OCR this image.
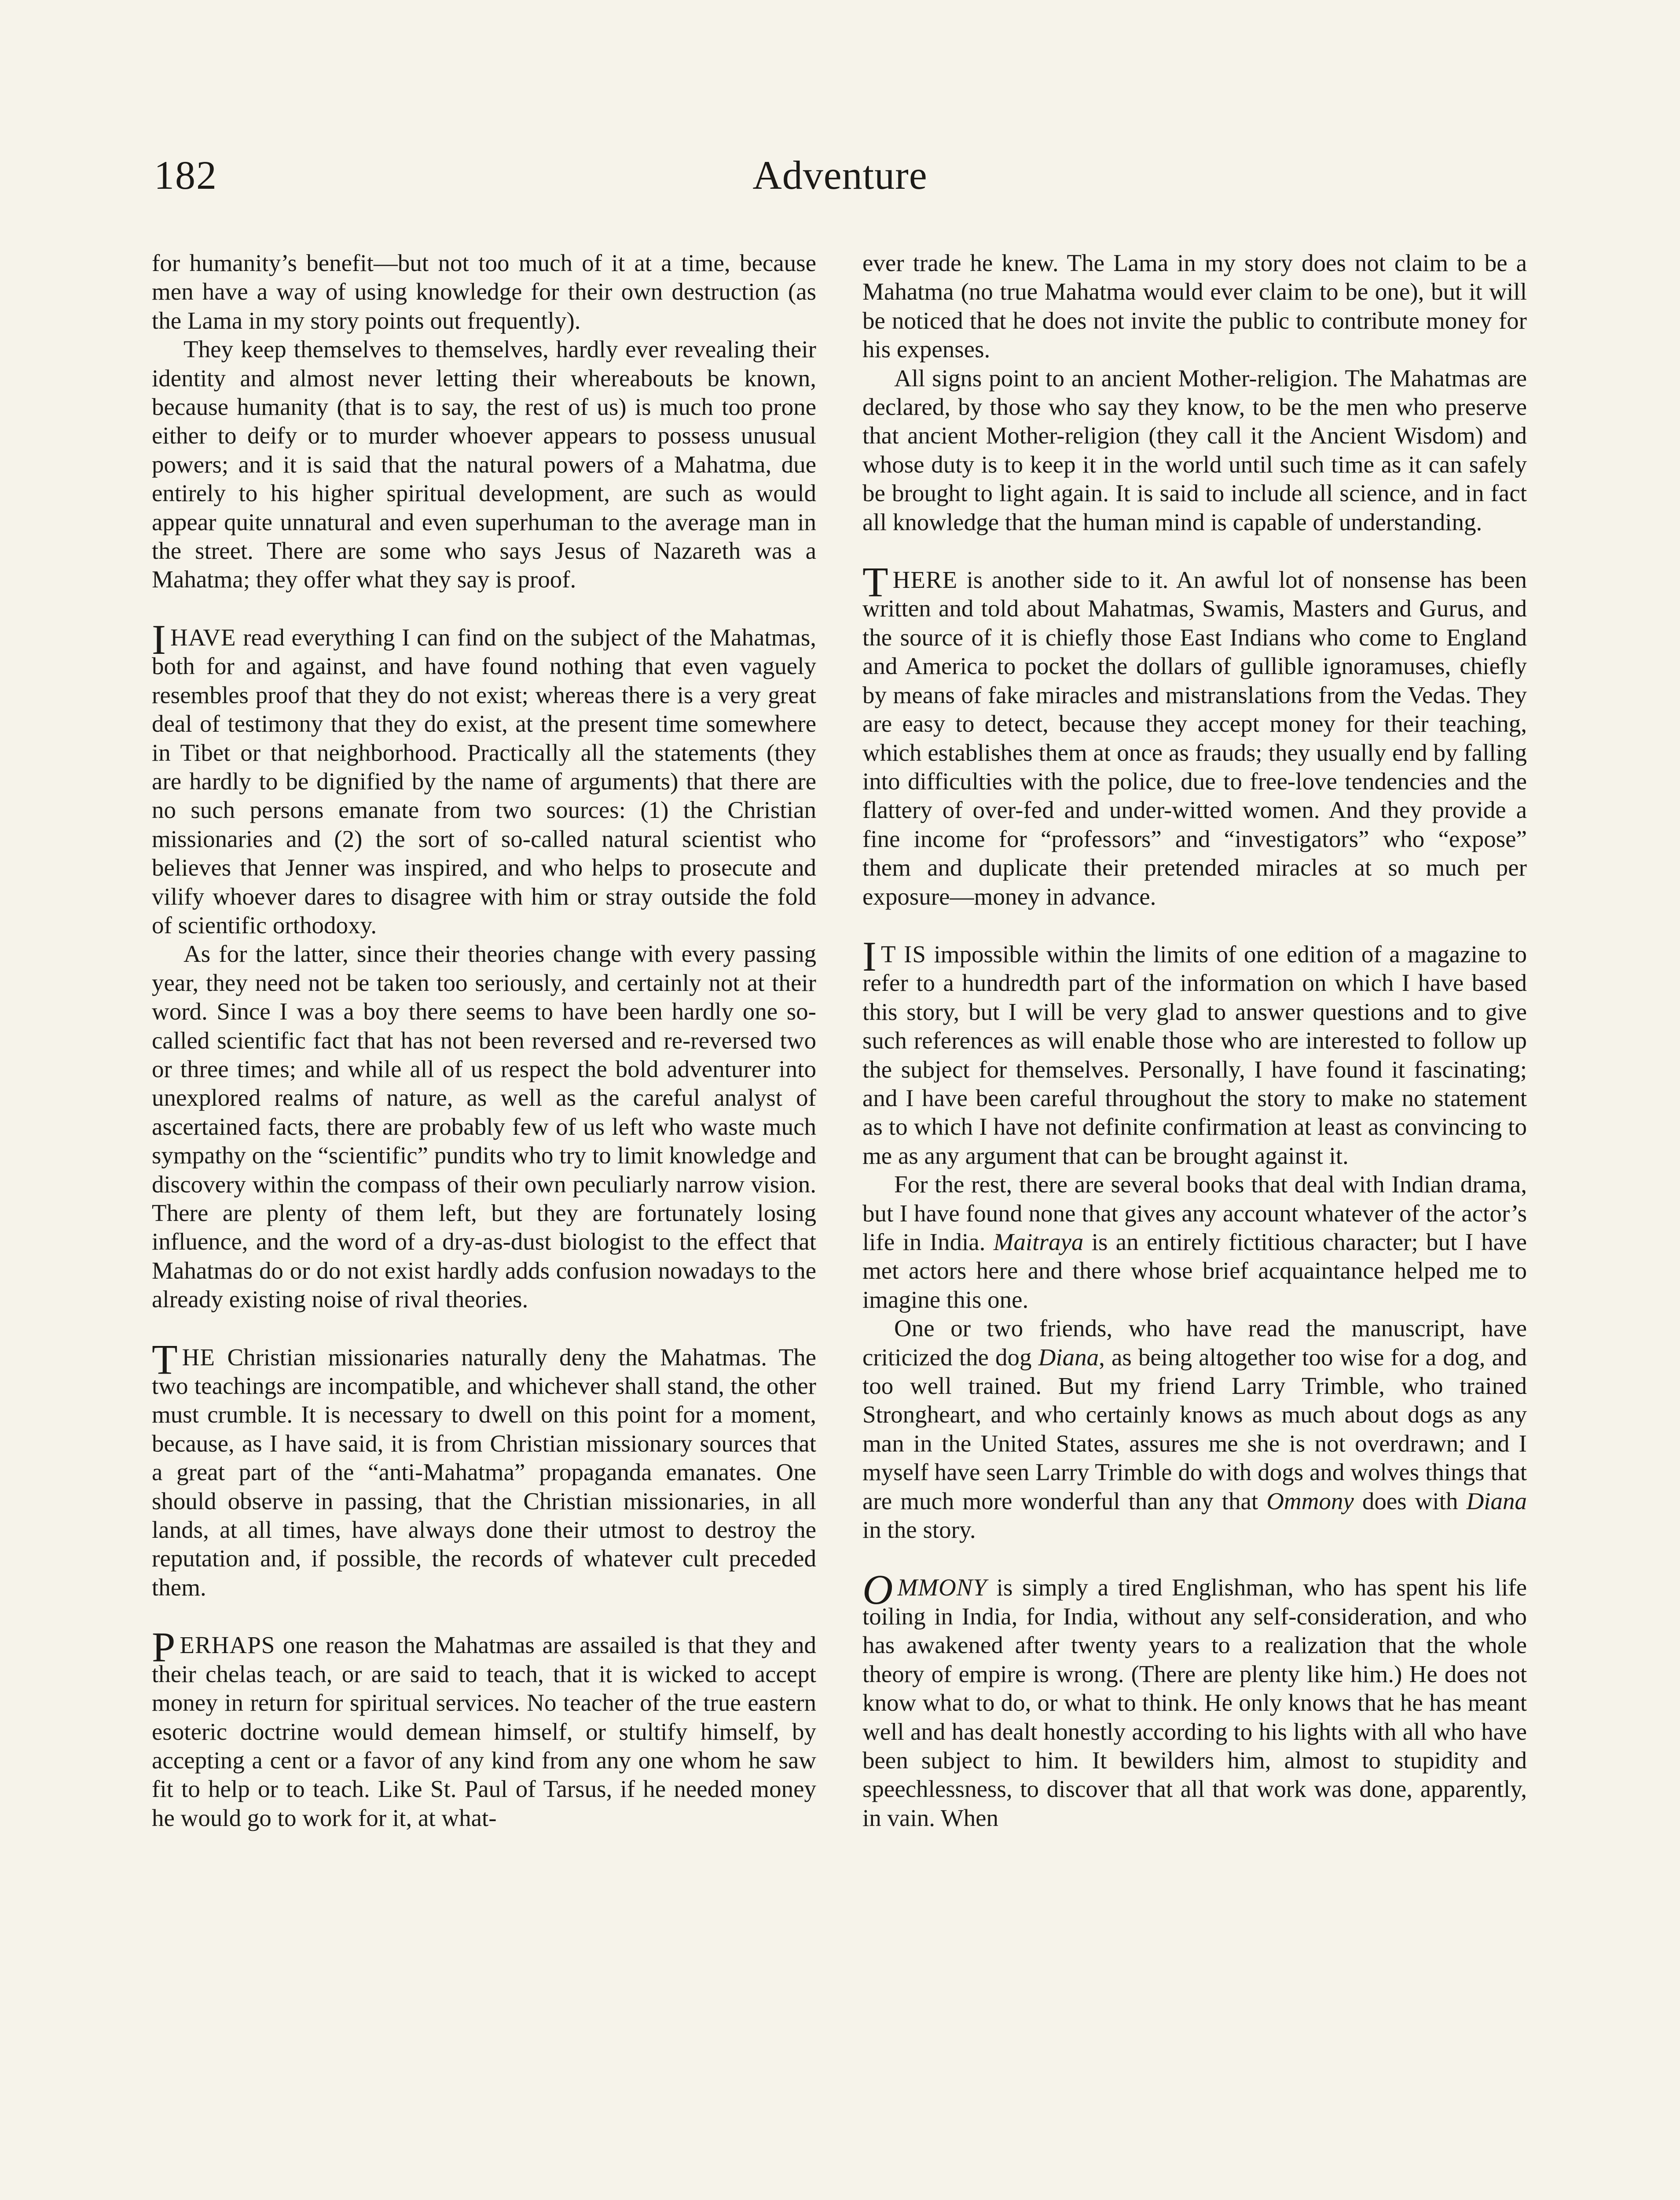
182	Adventure

for humanity’s benefit—but not too much of it at a time, because men have a way of using knowledge for their own destruction (as the Lama in my story points out frequently).

They keep themselves to themselves, hardly ever revealing their identity and almost never letting their whereabouts be known, because humanity (that is to say, the rest of us) is much too prone either to deify or to murder whoever appears to possess unusual powers; and it is said that the natural powers of a Mahatma, due entirely to his higher spiritual development, are such as would appear quite unnatural and even superhuman to the average man in the street. There are some who says Jesus of Nazareth was a Mahatma; they offer what they say is proof.

IHAVE read everything I can find on the subject of the Mahatmas, both for and against, and have found nothing that even vaguely resembles proof that they do not exist; whereas there is a very great deal of testimony that they do exist, at the present time somewhere in Tibet or that neighborhood. Practically all the statements (they are hardly to be dignified by the name of arguments) that there are no such persons emanate from two sources: (1) the Christian missionaries and (2) the sort of so-called natural scientist who believes that Jenner was inspired, and who helps to prosecute and vilify whoever dares to disagree with him or stray outside the fold of scientific orthodoxy.

As for the latter, since their theories change with every passing year, they need not be taken too seriously, and certainly not at their word. Since I was a boy there seems to have been hardly one so-called scientific fact that has not been reversed and re-reversed two or three times; and while all of us respect the bold adventurer into unexplored realms of nature, as well as the careful analyst of ascertained facts, there are probably few of us left who waste much sympathy on the “scientific” pundits who try to limit knowledge and discovery within the compass of their own peculiarly narrow vision. There are plenty of them left, but they are fortunately losing influence, and the word of a dry-as-dust biologist to the effect that Mahatmas do or do not exist hardly adds confusion nowadays to the already existing noise of rival theories.

THE Christian missionaries naturally deny the Mahatmas. The two teachings are incompatible, and whichever shall stand, the other must crumble. It is necessary to dwell on this point for a moment, because, as I have said, it is from Christian missionary sources that a great part of the “anti-Mahatma” propaganda emanates. One should observe in passing, that the Christian missionaries, in all lands, at all times, have always done their utmost to destroy the reputation and, if possible, the records of whatever cult preceded them.

PERHAPS one reason the Mahatmas are assailed is that they and their chelas teach, or are said to teach, that it is wicked to accept money in return for spiritual services. No teacher of the true eastern esoteric doctrine would demean himself, or stultify himself, by accepting a cent or a favor of any kind from any one whom he saw fit to help or to teach. Like St. Paul of Tarsus, if he needed money he would go to work for it, at what-

ever trade he knew. The Lama in my story does not claim to be a Mahatma (no true Mahatma would ever claim to be one), but it will be noticed that he does not invite the public to contribute money for his expenses.

All signs point to an ancient Mother-religion. The Mahatmas are declared, by those who say they know, to be the men who preserve that ancient Mother-religion (they call it the Ancient Wisdom) and whose duty is to keep it in the world until such time as it can safely be brought to light again. It is said to include all science, and in fact all knowledge that the human mind is capable of understanding.

THERE is another side to it. An awful lot of nonsense has been written and told about Mahatmas, Swamis, Masters and Gurus, and the source of it is chiefly those East Indians who come to England and America to pocket the dollars of gullible ignoramuses, chiefly by means of fake miracles and mistranslations from the Vedas. They are easy to detect, because they accept money for their teaching, which establishes them at once as frauds; they usually end by falling into difficulties with the police, due to free-love tendencies and the flattery of over-fed and under-witted women. And they provide a fine income for “professors” and “investigators” who “expose” them and duplicate their pretended miracles at so much per exposure—money in advance.

I T IS impossible within the limits of one edition of a magazine to refer to a hundredth part of the information on which I have based this story, but I will be very glad to answer questions and to give such references as will enable those who are interested to follow up the subject for themselves. Personally, I have found it fascinating; and I have been careful throughout the story to make no statement as to which I have not definite confirmation at least as convincing to me as any argument that can be brought against it.

For the rest, there are several books that deal with Indian drama, but I have found none that gives any account whatever of the actor’s life in India. Maitraya is an entirely fictitious character; but I have met actors here and there whose brief acquaintance helped me to imagine this one.

One or two friends, who have read the manuscript, have criticized the dog Diana, as being altogether too wise for a dog, and too well trained. But my friend Larry Trimble, who trained Strongheart, and who certainly knows as much about dogs as any man in the United States, assures me she is not overdrawn; and I myself have seen Larry Trimble do with dogs and wolves things that are much more wonderful than any that Ommony does with Diana in the story.

OMMONY is simply a tired Englishman, who has spent his life toiling in India, for India, without any self-consideration, and who has awakened after twenty years to a realization that the whole theory of empire is wrong. (There are plenty like him.) He does not know what to do, or what to think. He only knows that he has meant well and has dealt honestly according to his lights with all who have been subject to him. It bewilders him, almost to stupidity and speechlessness, to discover that all that work was done, apparently, in vain. When
